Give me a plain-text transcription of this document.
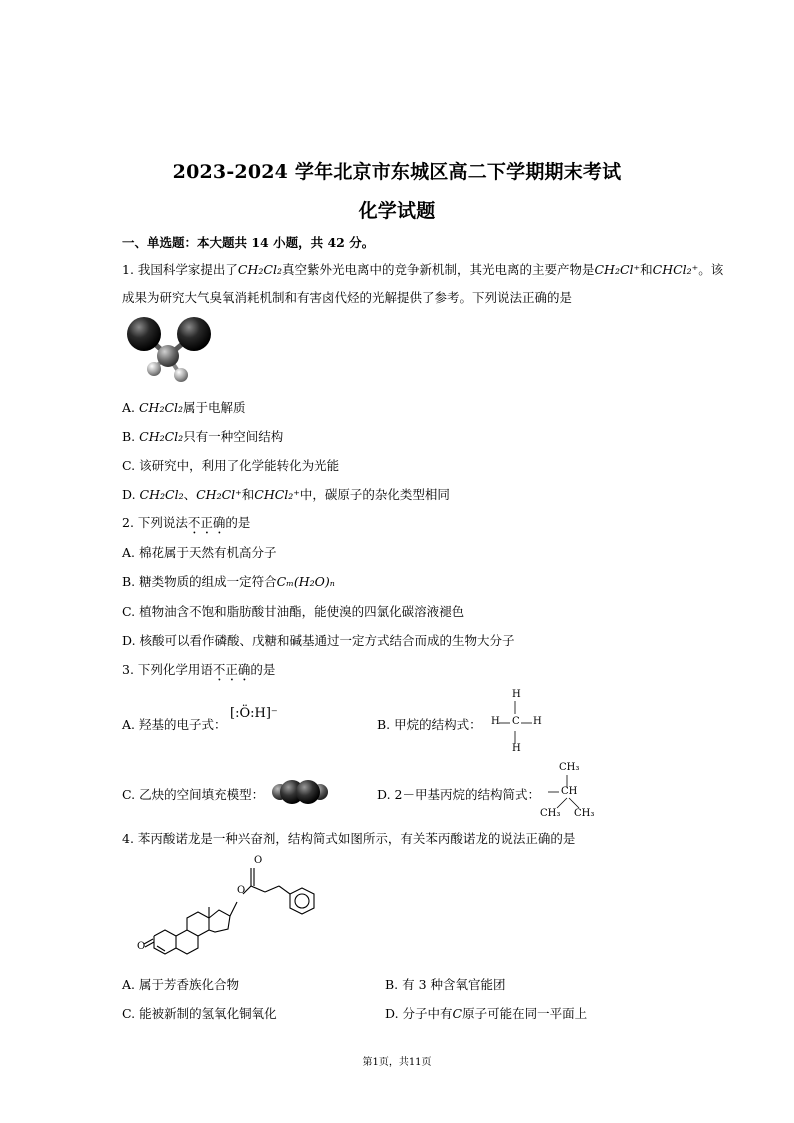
2023-2024 学年北京市东城区高二下学期期末考试
化学试题
一、单选题：本大题共 14 小题，共 42 分。
1. 我国科学家提出了CH₂Cl₂真空紫外光电离中的竞争新机制，其光电离的主要产物是CH₂Cl⁺和CHCl₂⁺。该
成果为研究大气臭氧消耗机制和有害卤代烃的光解提供了参考。下列说法正确的是
A. CH₂Cl₂属于电解质
B. CH₂Cl₂只有一种空间结构
C. 该研究中，利用了化学能转化为光能
D. CH₂Cl₂、CH₂Cl⁺和CHCl₂⁺中，碳原子的杂化类型相同
2. 下列说法不正确的是
A. 棉花属于天然有机高分子
B. 糖类物质的组成一定符合Cₘ(H₂O)ₙ
C. 植物油含不饱和脂肪酸甘油酯，能使溴的四氯化碳溶液褪色
D. 核酸可以看作磷酸、戊糖和碱基通过一定方式结合而成的生物大分子
3. 下列化学用语不正确的是
A. 羟基的电子式：
[:Ö:H]⁻
B. 甲烷的结构式：
H
H C H
H
C. 乙炔的空间填充模型：	D. 2－甲基丙烷的结构简式：
CH₃
CH
CH₃ CH₃
4. 苯丙酸诺龙是一种兴奋剂，结构简式如图所示，有关苯丙酸诺龙的说法正确的是
O
O
O
A. 属于芳香族化合物	B. 有 3 种含氧官能团
C. 能被新制的氢氧化铜氧化	D. 分子中有C原子可能在同一平面上
第1页，共11页
